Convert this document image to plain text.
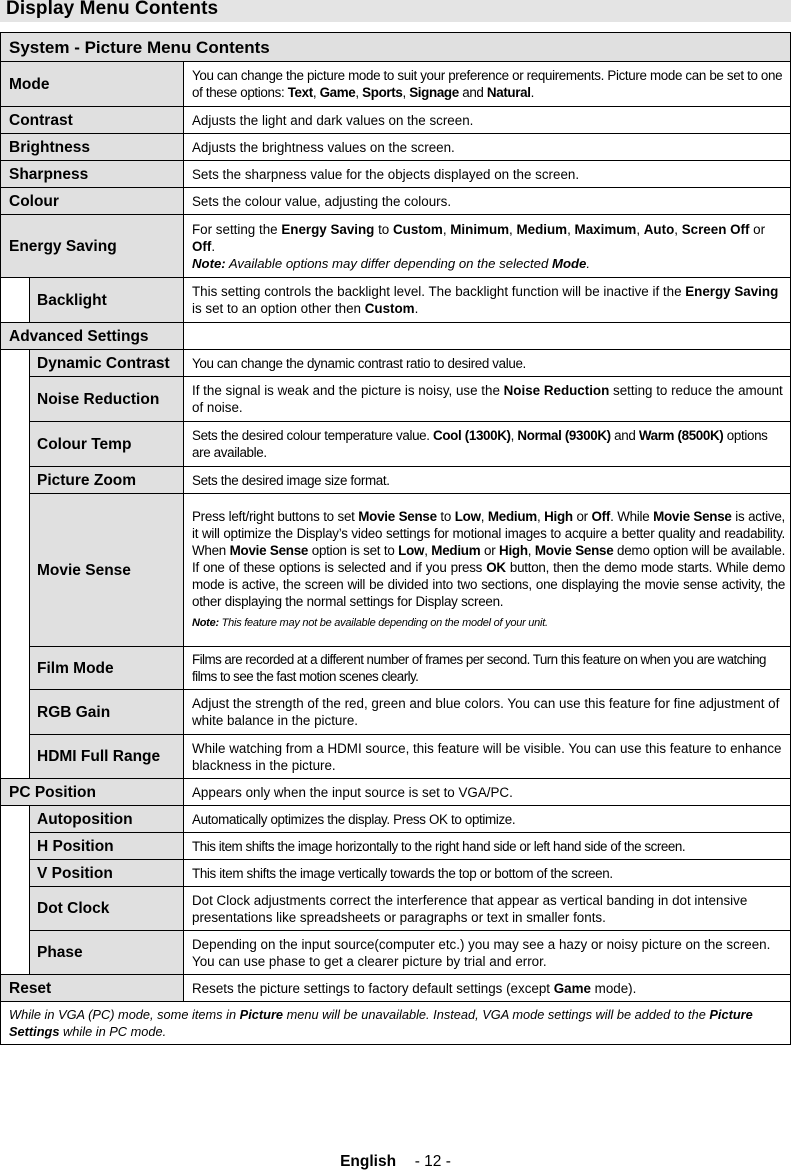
Display Menu Contents
System - Picture Menu Contents		
Mode		You can change the picture mode to suit your preference or requirements. Picture mode can be set to one of these options: Text, Game, Sports, Signage and Natural.
Contrast		Adjusts the light and dark values on the screen.
Brightness		Adjusts the brightness values on the screen.
Sharpness		Sets the sharpness value for the objects displayed on the screen.
Colour		Sets the colour value, adjusting the colours.
Energy Saving		For setting the Energy Saving to Custom, Minimum, Medium, Maximum, Auto, Screen Off or Off.
Note: Available options may differ depending on the selected Mode.
	Backlight	This setting controls the backlight level. The backlight function will be inactive if the Energy Saving is set to an option other then Custom.
Advanced Settings		
	Dynamic Contrast	You can change the dynamic contrast ratio to desired value.
	Noise Reduction	If the signal is weak and the picture is noisy, use the Noise Reduction setting to reduce the amount of noise.
	Colour Temp	Sets the desired colour temperature value. Cool (1300K), Normal (9300K) and Warm (8500K) options are available.
	Picture Zoom	Sets the desired image size format.
	Movie Sense	Press left/right buttons to set Movie Sense to Low, Medium, High or Off. While Movie Sense is active, it will optimize the Display’s video settings for motional images to acquire a better quality and readability. When Movie Sense option is set to Low, Medium or High, Movie Sense demo option will be available. If one of these options is selected and if you press OK button, then the demo mode starts. While demo mode is active, the screen will be divided into two sections, one displaying the movie sense activity, the other displaying the normal settings for Display screen.
Note: This feature may not be available depending on the model of your unit.

	Film Mode	Films are recorded at a different number of frames per second. Turn this feature on when you are watching films to see the fast motion scenes clearly.
	RGB Gain	Adjust the strength of the red, green and blue colors. You can use this feature for fine adjustment of white balance in the picture.
	HDMI Full Range	While watching from a HDMI source, this feature will be visible. You can use this feature to enhance blackness in the picture.
PC Position		Appears only when the input source is set to VGA/PC.
	Autoposition	Automatically optimizes the display. Press OK to optimize.
	H Position	This item shifts the image horizontally to the right hand side or left hand side of the screen.
	V Position	This item shifts the image vertically towards the top or bottom of the screen.
	Dot Clock	Dot Clock adjustments correct the interference that appear as vertical banding in dot intensive presentations like spreadsheets or paragraphs or text in smaller fonts.
	Phase	Depending on the input source(computer etc.) you may see a hazy or noisy picture on the screen. You can use phase to get a clearer picture by trial and error.
Reset		Resets the picture settings to factory default settings (except Game mode).
While in VGA (PC) mode, some items in Picture menu will be unavailable. Instead, VGA mode settings will be added to the Picture Settings while in PC mode.		
English - 12 -
